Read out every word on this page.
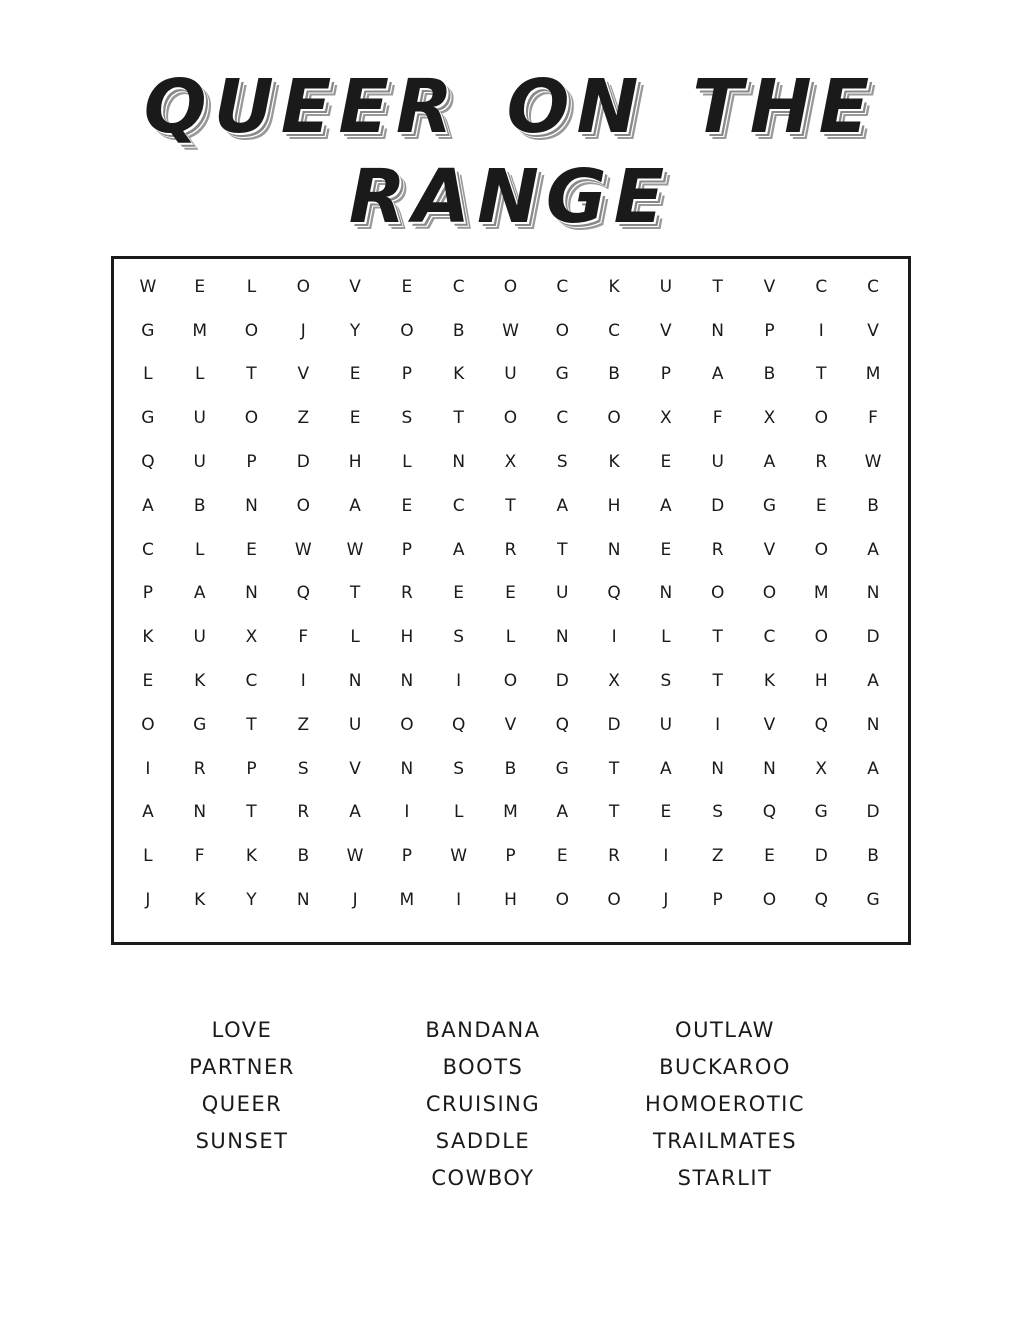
QUEER ON THE RANGE
W	E	L	O	V	E	C	O	C	K	U	T	V	C	C
G	M	O	J	Y	O	B	W	O	C	V	N	P	I	V
L	L	T	V	E	P	K	U	G	B	P	A	B	T	M
G	U	O	Z	E	S	T	O	C	O	X	F	X	O	F
Q	U	P	D	H	L	N	X	S	K	E	U	A	R	W
A	B	N	O	A	E	C	T	A	H	A	D	G	E	B
C	L	E	W	W	P	A	R	T	N	E	R	V	O	A
P	A	N	Q	T	R	E	E	U	Q	N	O	O	M	N
K	U	X	F	L	H	S	L	N	I	L	T	C	O	D
E	K	C	I	N	N	I	O	D	X	S	T	K	H	A
O	G	T	Z	U	O	Q	V	Q	D	U	I	V	Q	N
I	R	P	S	V	N	S	B	G	T	A	N	N	X	A
A	N	T	R	A	I	L	M	A	T	E	S	Q	G	D
L	F	K	B	W	P	W	P	E	R	I	Z	E	D	B
J	K	Y	N	J	M	I	H	O	O	J	P	O	Q	G
LOVE
PARTNER
QUEER
SUNSET
BANDANA
BOOTS
CRUISING
SADDLE
COWBOY
OUTLAW
BUCKAROO
HOMOEROTIC
TRAILMATES
STARLIT
